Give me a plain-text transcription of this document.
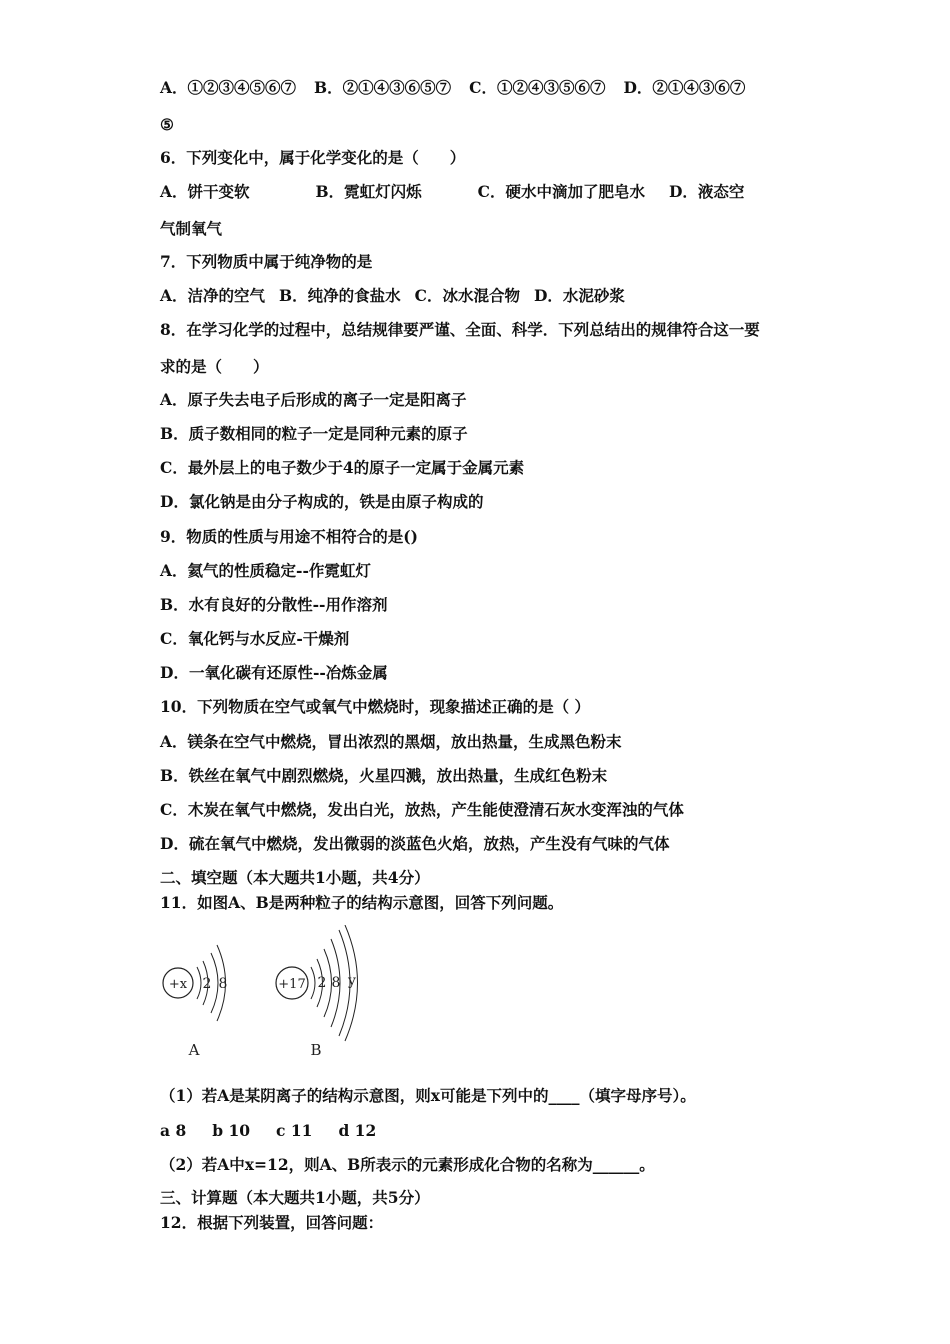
A．①②③④⑤⑥⑦ B．②①④③⑥⑤⑦ C．①②④③⑤⑥⑦ D．②①④③⑥⑦
⑤
6．下列变化中，属于化学变化的是（　　）
A．饼干变软	B．霓虹灯闪烁	C．硬水中滴加了肥皂水 D．液态空
气制氧气
7．下列物质中属于纯净物的是
A．洁净的空气 B．纯净的食盐水 C．冰水混合物 D．水泥砂浆
8．在学习化学的过程中，总结规律要严谨、全面、科学．下列总结出的规律符合这一要
求的是（　　）
A．原子失去电子后形成的离子一定是阳离子
B．质子数相同的粒子一定是同种元素的原子
C．最外层上的电子数少于4的原子一定属于金属元素
D．氯化钠是由分子构成的，铁是由原子构成的
9．物质的性质与用途不相符合的是()
A．氦气的性质稳定--作霓虹灯
B．水有良好的分散性--用作溶剂
C．氧化钙与水反应-干燥剂
D．一氧化碳有还原性--冶炼金属
10．下列物质在空气或氧气中燃烧时，现象描述正确的是（ ）
A．镁条在空气中燃烧，冒出浓烈的黑烟，放出热量，生成黑色粉末
B．铁丝在氧气中剧烈燃烧，火星四溅，放出热量，生成红色粉末
C．木炭在氧气中燃烧，发出白光，放热，产生能使澄清石灰水变浑浊的气体
D．硫在氧气中燃烧，发出微弱的淡蓝色火焰，放热，产生没有气味的气体
二、填空题（本大题共1小题，共4分）
11．如图A、B是两种粒子的结构示意图，回答下列问题。
+x 2 8
A
+17 2 8 y
B
（1）若A是某阴离子的结构示意图，则x可能是下列中的____（填字母序号）。
a 8 b 10 c 11 d 12
（2）若A中x=12，则A、B所表示的元素形成化合物的名称为______。
三、计算题（本大题共1小题，共5分）
12．根据下列装置，回答问题：
